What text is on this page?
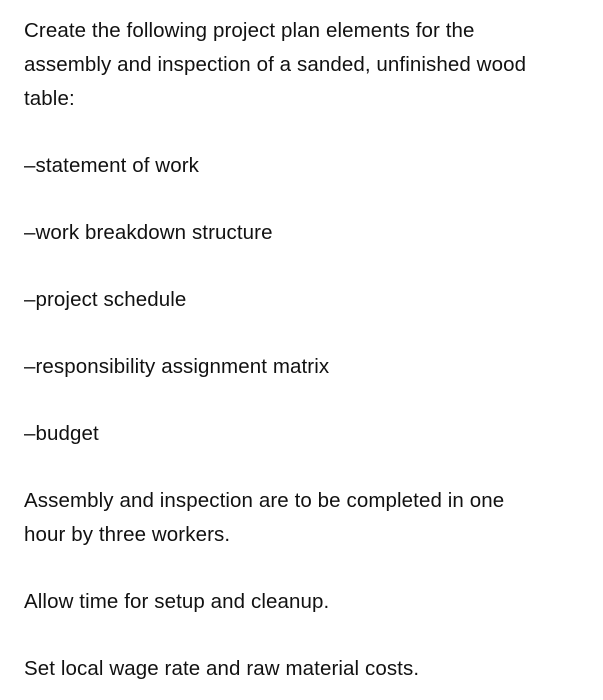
Create the following project plan elements for the
assembly and inspection of a sanded, unfinished wood
table:

–statement of work

–work breakdown structure

–project schedule

–responsibility assignment matrix

–budget

Assembly and inspection are to be completed in one
hour by three workers.

Allow time for setup and cleanup.

Set local wage rate and raw material costs.
